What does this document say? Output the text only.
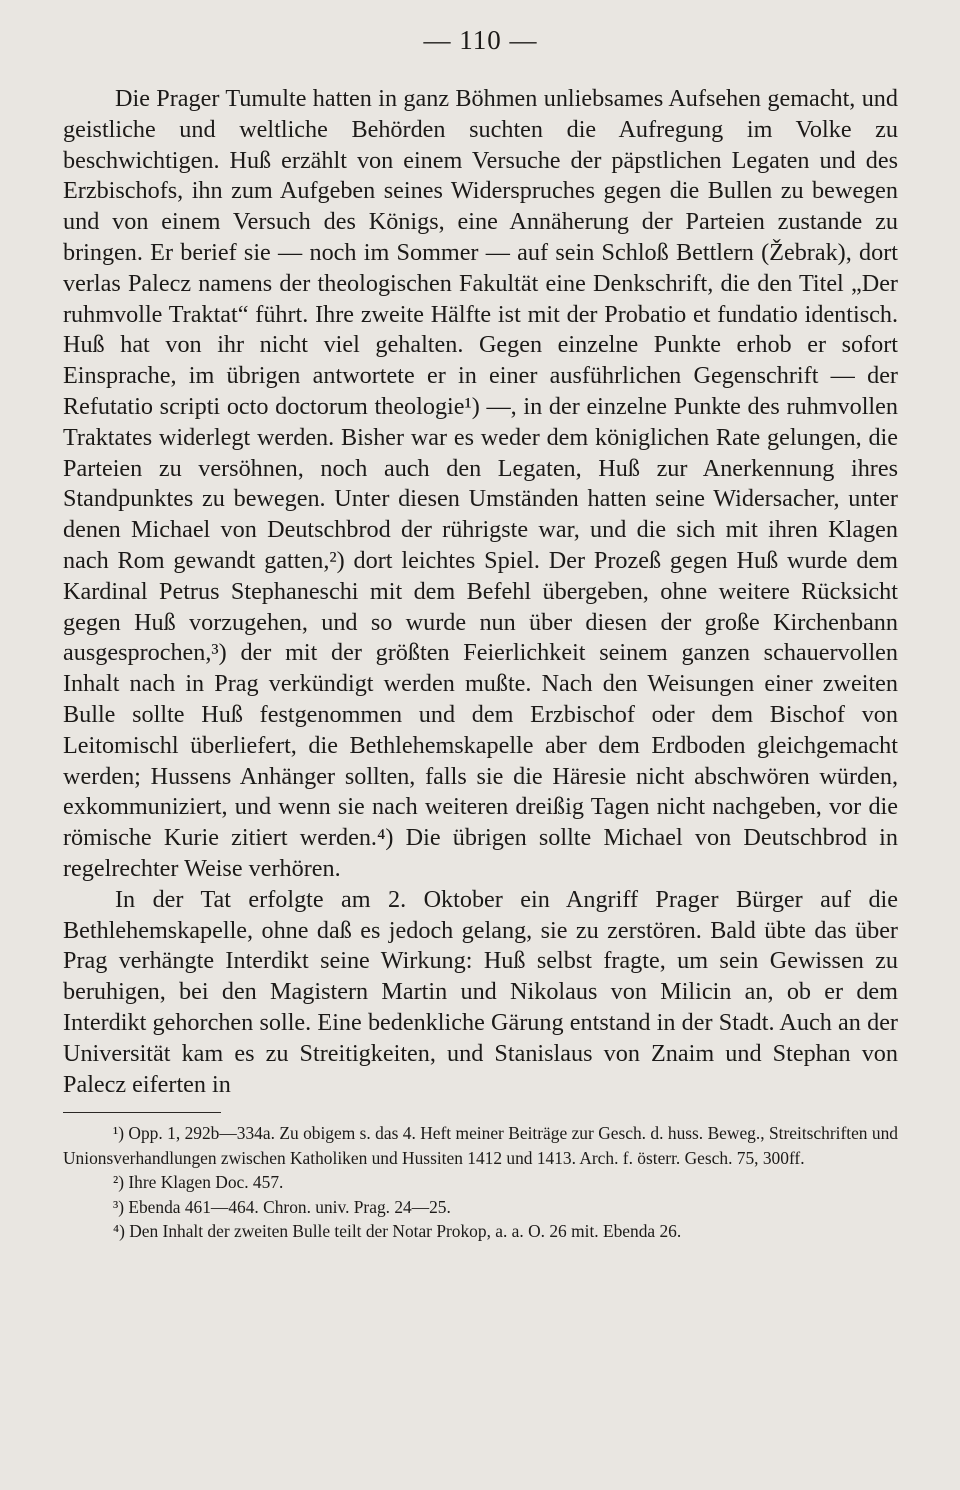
— 110 —

Die Prager Tumulte hatten in ganz Böhmen unliebsames Aufsehen gemacht, und geistliche und weltliche Behörden suchten die Aufregung im Volke zu beschwichtigen. Huß erzählt von einem Versuche der päpstlichen Legaten und des Erzbischofs, ihn zum Aufgeben seines Widerspruches gegen die Bullen zu bewegen und von einem Versuch des Königs, eine Annäherung der Parteien zustande zu bringen. Er berief sie — noch im Sommer — auf sein Schloß Bettlern (Žebrak), dort verlas Palecz namens der theologischen Fakultät eine Denkschrift, die den Titel „Der ruhmvolle Traktat“ führt. Ihre zweite Hälfte ist mit der Probatio et fundatio identisch. Huß hat von ihr nicht viel gehalten. Gegen einzelne Punkte erhob er sofort Einsprache, im übrigen antwortete er in einer ausführlichen Gegenschrift — der Refutatio scripti octo doctorum theologie¹) —, in der einzelne Punkte des ruhmvollen Traktates widerlegt werden. Bisher war es weder dem königlichen Rate gelungen, die Parteien zu versöhnen, noch auch den Legaten, Huß zur Anerkennung ihres Standpunktes zu bewegen. Unter diesen Umständen hatten seine Widersacher, unter denen Michael von Deutschbrod der rührigste war, und die sich mit ihren Klagen nach Rom gewandt gatten,²) dort leichtes Spiel. Der Prozeß gegen Huß wurde dem Kardinal Petrus Stephaneschi mit dem Befehl übergeben, ohne weitere Rücksicht gegen Huß vorzugehen, und so wurde nun über diesen der große Kirchenbann ausgesprochen,³) der mit der größten Feierlichkeit seinem ganzen schauervollen Inhalt nach in Prag verkündigt werden mußte. Nach den Weisungen einer zweiten Bulle sollte Huß festgenommen und dem Erzbischof oder dem Bischof von Leitomischl überliefert, die Bethlehemskapelle aber dem Erdboden gleichgemacht werden; Hussens Anhänger sollten, falls sie die Häresie nicht abschwören würden, exkommuniziert, und wenn sie nach weiteren dreißig Tagen nicht nachgeben, vor die römische Kurie zitiert werden.⁴) Die übrigen sollte Michael von Deutschbrod in regelrechter Weise verhören.

In der Tat erfolgte am 2. Oktober ein Angriff Prager Bürger auf die Bethlehemskapelle, ohne daß es jedoch gelang, sie zu zerstören. Bald übte das über Prag verhängte Interdikt seine Wirkung: Huß selbst fragte, um sein Gewissen zu beruhigen, bei den Magistern Martin und Nikolaus von Milicin an, ob er dem Interdikt gehorchen solle. Eine bedenkliche Gärung entstand in der Stadt. Auch an der Universität kam es zu Streitigkeiten, und Stanislaus von Znaim und Stephan von Palecz eiferten in

¹) Opp. 1, 292b—334a. Zu obigem s. das 4. Heft meiner Beiträge zur Gesch. d. huss. Beweg., Streitschriften und Unionsverhandlungen zwischen Katholiken und Hussiten 1412 und 1413. Arch. f. österr. Gesch. 75, 300ff.

²) Ihre Klagen Doc. 457.

³) Ebenda 461—464. Chron. univ. Prag. 24—25.

⁴) Den Inhalt der zweiten Bulle teilt der Notar Prokop, a. a. O. 26 mit. Ebenda 26.
